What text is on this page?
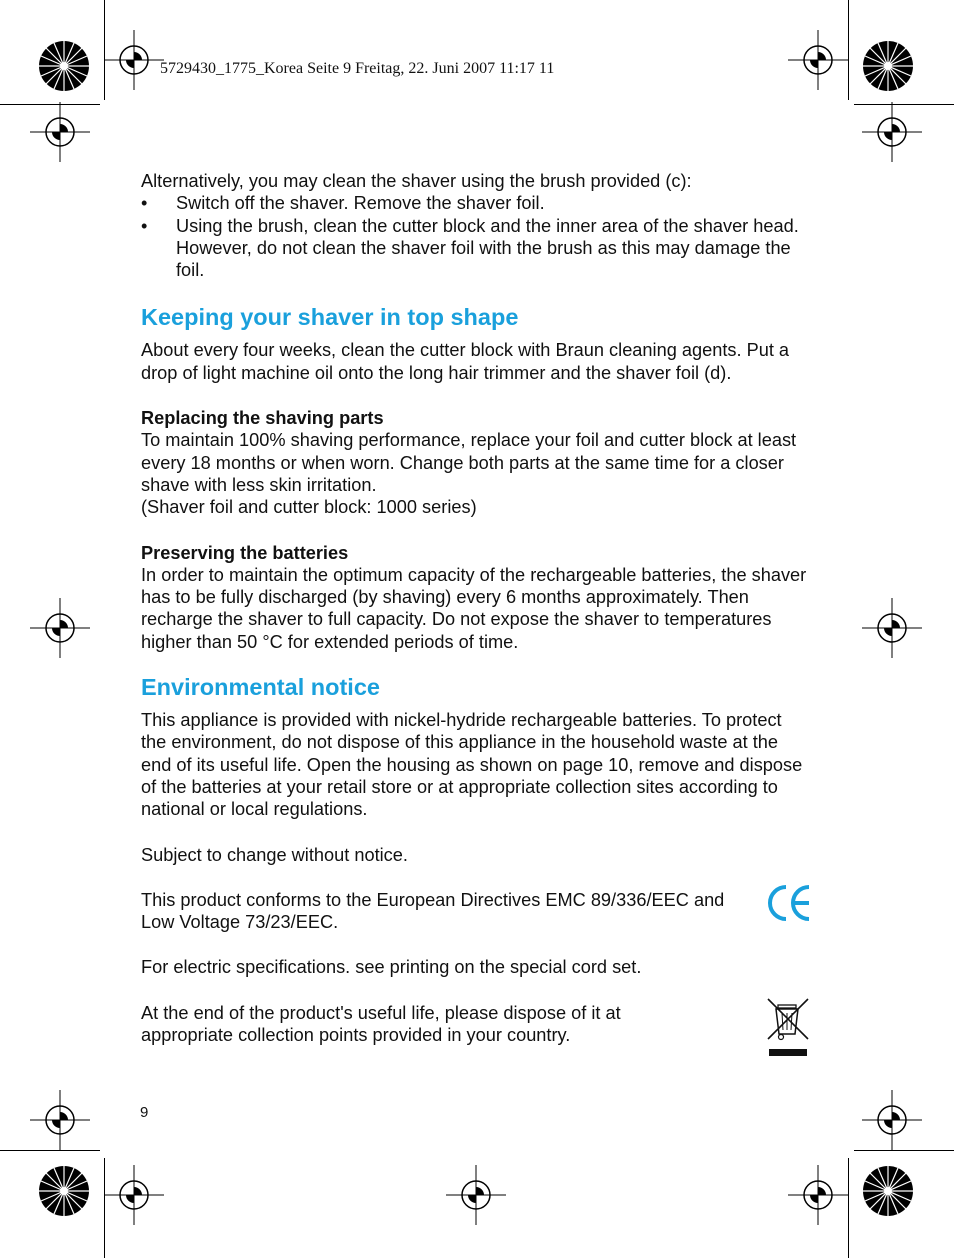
5729430_1775_Korea Seite 9 Freitag, 22. Juni 2007 11:17 11

Alternatively, you may clean the shaver using the brush provided (c):

• Switch off the shaver. Remove the shaver foil.
• Using the brush, clean the cutter block and the inner area of the shaver head. However, do not clean the shaver foil with the brush as this may damage the foil.
Keeping your shaver in top shape

About every four weeks, clean the cutter block with Braun cleaning agents. Put a drop of light machine oil onto the long hair trimmer and the shaver foil (d).

Replacing the shaving parts

To maintain 100% shaving performance, replace your foil and cutter block at least every 18 months or when worn. Change both parts at the same time for a closer shave with less skin irritation.

(Shaver foil and cutter block: 1000 series)

Preserving the batteries

In order to maintain the optimum capacity of the rechargeable batteries, the shaver has to be fully discharged (by shaving) every 6 months approximately. Then recharge the shaver to full capacity. Do not expose the shaver to temperatures higher than 50 °C for extended periods of time.

Environmental notice

This appliance is provided with nickel-hydride rechargeable batteries. To protect the environment, do not dispose of this appliance in the household waste at the end of its useful life. Open the housing as shown on page 10, remove and dispose of the batteries at your retail store or at appropriate collection sites according to national or local regulations.

Subject to change without notice.

This product conforms to the European Directives EMC 89/336/EEC and Low Voltage 73/23/EEC.

For electric specifications. see printing on the special cord set.

At the end of the product's useful life, please dispose of it at appropriate collection points provided in your country.

9
